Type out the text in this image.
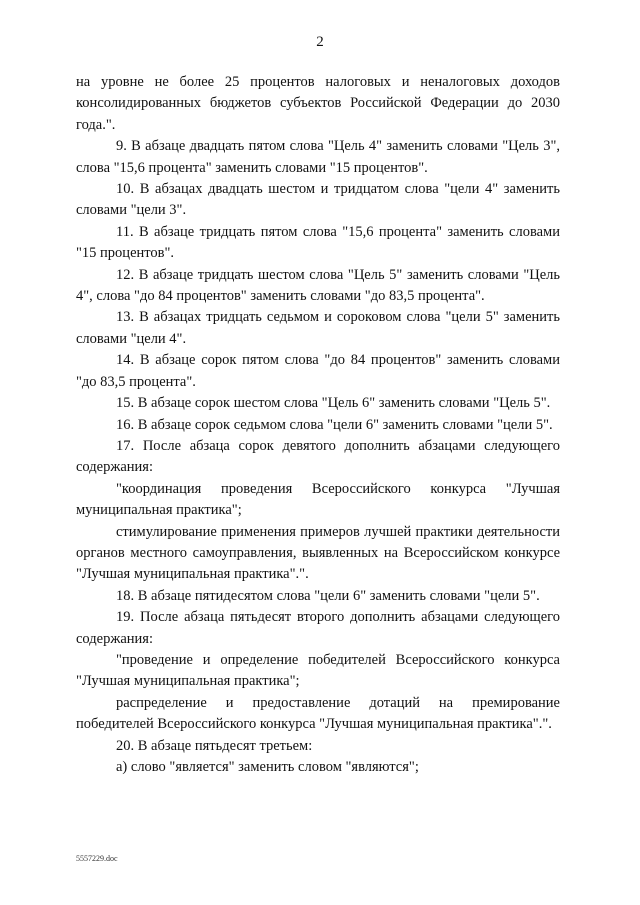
2

на уровне не более 25 процентов налоговых и неналоговых доходов консолидированных бюджетов субъектов Российской Федерации до 2030 года.".

9. В абзаце двадцать пятом слова "Цель 4" заменить словами "Цель 3", слова "15,6 процента" заменить словами "15 процентов".

10. В абзацах двадцать шестом и тридцатом слова "цели 4" заменить словами "цели 3".

11. В абзаце тридцать пятом слова "15,6 процента" заменить словами "15 процентов".

12. В абзаце тридцать шестом слова "Цель 5" заменить словами "Цель 4", слова "до 84 процентов" заменить словами "до 83,5 процента".

13. В абзацах тридцать седьмом и сороковом слова "цели 5" заменить словами "цели 4".

14. В абзаце сорок пятом слова "до 84 процентов" заменить словами "до 83,5 процента".

15. В абзаце сорок шестом слова "Цель 6" заменить словами "Цель 5".

16. В абзаце сорок седьмом слова "цели 6" заменить словами "цели 5".

17. После абзаца сорок девятого дополнить абзацами следующего содержания:

"координация проведения Всероссийского конкурса "Лучшая муниципальная практика";

стимулирование применения примеров лучшей практики деятельности органов местного самоуправления, выявленных на Всероссийском конкурсе "Лучшая муниципальная практика".".

18. В абзаце пятидесятом слова "цели 6" заменить словами "цели 5".

19. После абзаца пятьдесят второго дополнить абзацами следующего содержания:

"проведение и определение победителей Всероссийского конкурса "Лучшая муниципальная практика";

распределение и предоставление дотаций на премирование победителей Всероссийского конкурса "Лучшая муниципальная практика".".

20. В абзаце пятьдесят третьем:

а) слово "является" заменить словом "являются";

5557229.doc
